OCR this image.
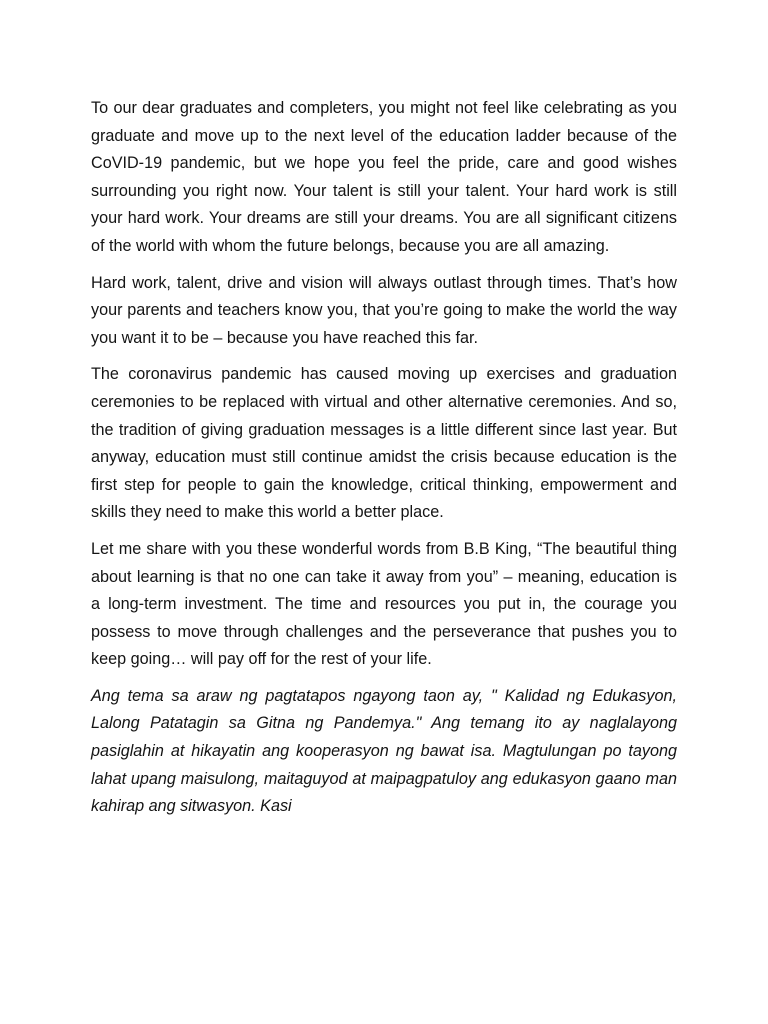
To our dear graduates and completers, you might not feel like celebrating as you graduate and move up to the next level of the education ladder because of the CoVID-19 pandemic, but we hope you feel the pride, care and good wishes surrounding you right now. Your talent is still your talent. Your hard work is still your hard work. Your dreams are still your dreams. You are all significant citizens of the world with whom the future belongs, because you are all amazing.

Hard work, talent, drive and vision will always outlast through times. That’s how your parents and teachers know you, that you’re going to make the world the way you want it to be – because you have reached this far.

The coronavirus pandemic has caused moving up exercises and graduation ceremonies to be replaced with virtual and other alternative ceremonies. And so, the tradition of giving graduation messages is a little different since last year. But anyway, education must still continue amidst the crisis because education is the first step for people to gain the knowledge, critical thinking, empowerment and skills they need to make this world a better place.

Let me share with you these wonderful words from B.B King, “The beautiful thing about learning is that no one can take it away from you” – meaning, education is a long-term investment. The time and resources you put in, the courage you possess to move through challenges and the perseverance that pushes you to keep going… will pay off for the rest of your life.

Ang tema sa araw ng pagtatapos ngayong taon ay, " Kalidad ng Edukasyon, Lalong Patatagin sa Gitna ng Pandemya." Ang temang ito ay naglalayong pasiglahin at hikayatin ang kooperasyon ng bawat isa. Magtulungan po tayong lahat upang maisulong, maitaguyod at maipagpatuloy ang edukasyon gaano man kahirap ang sitwasyon. Kasi
